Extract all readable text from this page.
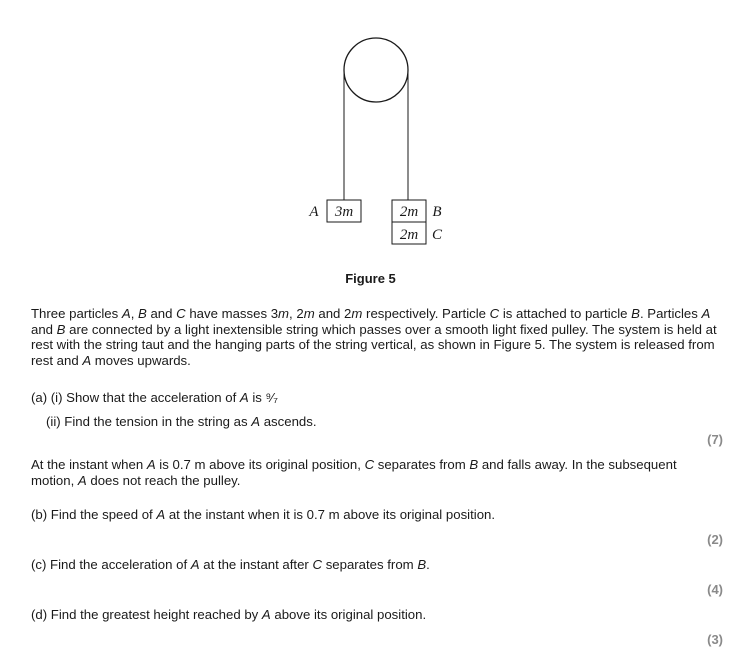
3m
A	2m B
2m C
Figure 5

Three particles A, B and C have masses 3m, 2m and 2m respectively. Particle C is attached to particle B. Particles A and B are connected by a light inextensible string which passes over a smooth light fixed pulley. The system is held at rest with the string taut and the hanging parts of the string vertical, as shown in Figure 5. The system is released from rest and A moves upwards.

(a) (i) Show that the acceleration of A is ⁹⁄₇

(ii) Find the tension in the string as A ascends.

(7)

At the instant when A is 0.7 m above its original position, C separates from B and falls away. In the subsequent motion, A does not reach the pulley.

(b) Find the speed of A at the instant when it is 0.7 m above its original position.

(2)

(c) Find the acceleration of A at the instant after C separates from B.

(4)

(d) Find the greatest height reached by A above its original position.

(3)
